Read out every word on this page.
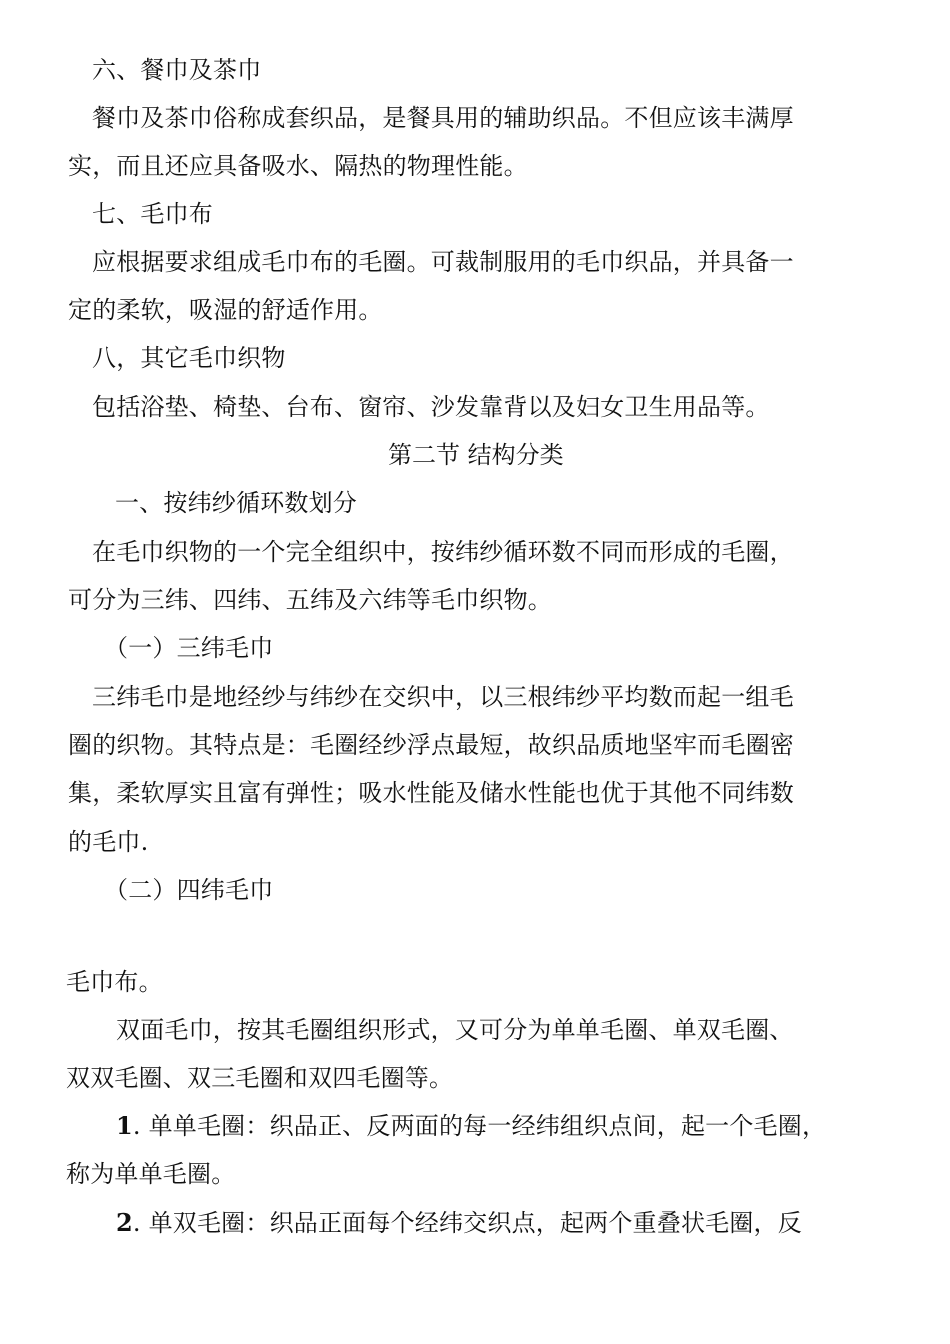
六、餐巾及茶巾
餐巾及茶巾俗称成套织品，是餐具用的辅助织品。不但应该丰满厚
实，而且还应具备吸水、隔热的物理性能。
七、毛巾布
应根据要求组成毛巾布的毛圈。可裁制服用的毛巾织品，并具备一
定的柔软，吸湿的舒适作用。
八，其它毛巾织物
包括浴垫、椅垫、台布、窗帘、沙发靠背以及妇女卫生用品等。
第二节 结构分类
一、按纬纱循环数划分
在毛巾织物的一个完全组织中，按纬纱循环数不同而形成的毛圈，
可分为三纬、四纬、五纬及六纬等毛巾织物。
（一）三纬毛巾
三纬毛巾是地经纱与纬纱在交织中，以三根纬纱平均数而起一组毛
圈的织物。其特点是：毛圈经纱浮点最短，故织品质地坚牢而毛圈密
集，柔软厚实且富有弹性；吸水性能及储水性能也优于其他不同纬数
的毛巾.
（二）四纬毛巾
毛巾布。
双面毛巾，按其毛圈组织形式，又可分为单单毛圈、单双毛圈、
双双毛圈、双三毛圈和双四毛圈等。
1. 单单毛圈：织品正、反两面的每一经纬组织点间，起一个毛圈，
称为单单毛圈。
2. 单双毛圈：织品正面每个经纬交织点，起两个重叠状毛圈，反
